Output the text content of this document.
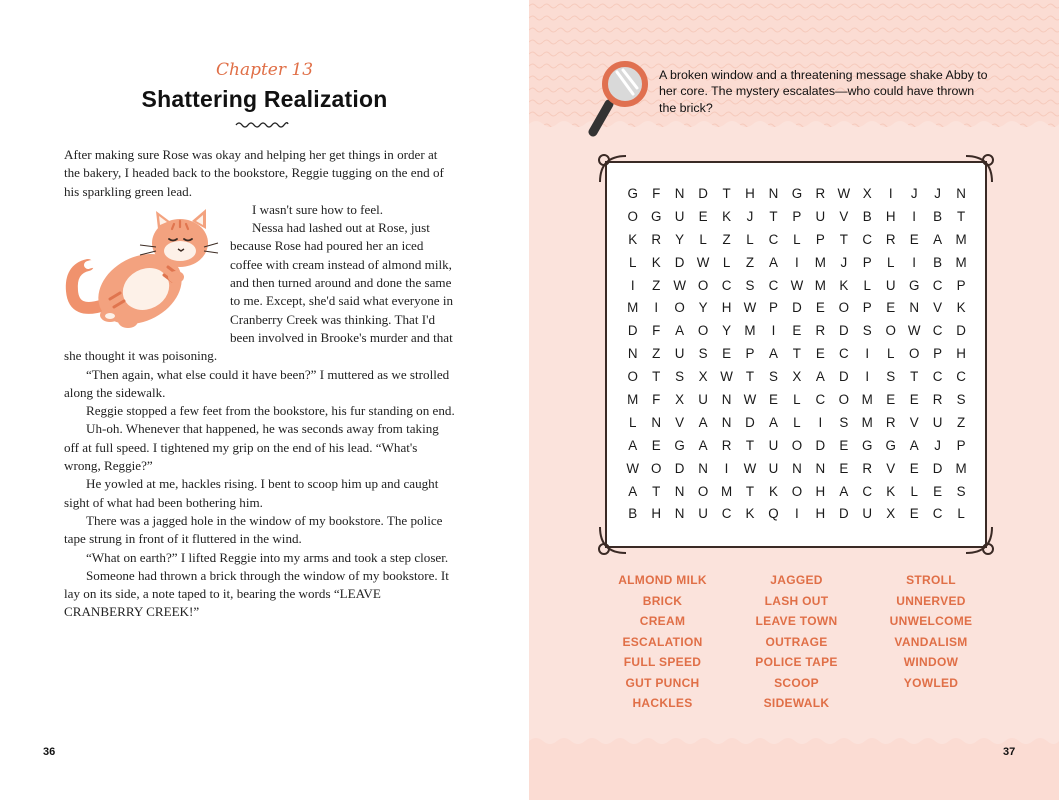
Chapter 13
Shattering Realization

After making sure Rose was okay and helping her get things in order at the bakery, I headed back to the bookstore, Reggie tugging on the end of his sparkling green lead.

I wasn't sure how to feel.

Nessa had lashed out at Rose, just because Rose had poured her an iced coffee with cream instead of almond milk, and then turned around and done the same to me. Except, she'd said what everyone in Cranberry Creek was thinking. That I'd been involved in Brooke's murder and that she thought it was poisoning.

“Then again, what else could it have been?” I muttered as we strolled along the sidewalk.

Reggie stopped a few feet from the bookstore, his fur standing on end.

Uh-oh. Whenever that happened, he was seconds away from taking off at full speed. I tightened my grip on the end of his lead. “What's wrong, Reggie?”

He yowled at me, hackles rising. I bent to scoop him up and caught sight of what had been bothering him.

There was a jagged hole in the window of my bookstore. The police tape strung in front of it fluttered in the wind.

“What on earth?” I lifted Reggie into my arms and took a step closer.

Someone had thrown a brick through the window of my bookstore. It lay on its side, a note taped to it, bearing the words “LEAVE CRANBERRY CREEK!”

36
A broken window and a threatening message shake Abby to her core. The mystery escalates—who could have thrown the brick?
G	F	N	D	T	H	N	G	R W X	I	J	J	N
O G	U	E	K	J	T	P	U	V	B	H	I	B	T
K	R	Y	L	Z	L	C	L	P	T	C	R	E	A	M
L	K	D W	L	Z	A	I	M	J	P	L	I	B	M
I	Z W O	C	S	C W M	K	L	U	G	C	P
M	I	O	Y	H W P	D	E	O	P	E	N	V	K
D	F	A	O	Y	M	I	E	R	D	S	O W C	D
N	Z	U	S	E	P	A	T	E	C	I	L	O	P	H
O	T	S	X W T	S	X	A	D	I	S	T	C	C
M	F	X	U	N W E	L	C	O M	E	E	R	S
L	N	V	A	N	D	A	L	I	S	M R	V	U	Z
A	E	G	A	R	T	U	O	D	E	G G	A	J	P
W O	D	N	I	W U	N	N	E	R	V	E	D M
A	T	N	O M	T	K	O	H	A	C	K	L	E	S
B	H	N	U	C	K	Q	I	H	D	U	X	E	C	L
ALMOND MILK	JAGGED	STROLL
BRICK	LASH OUT	UNNERVED
CREAM	LEAVE TOWN	UNWELCOME
ESCALATION	OUTRAGE	VANDALISM
FULL SPEED	POLICE TAPE	WINDOW
GUT PUNCH	SCOOP	YOWLED
HACKLES	SIDEWALK
37
